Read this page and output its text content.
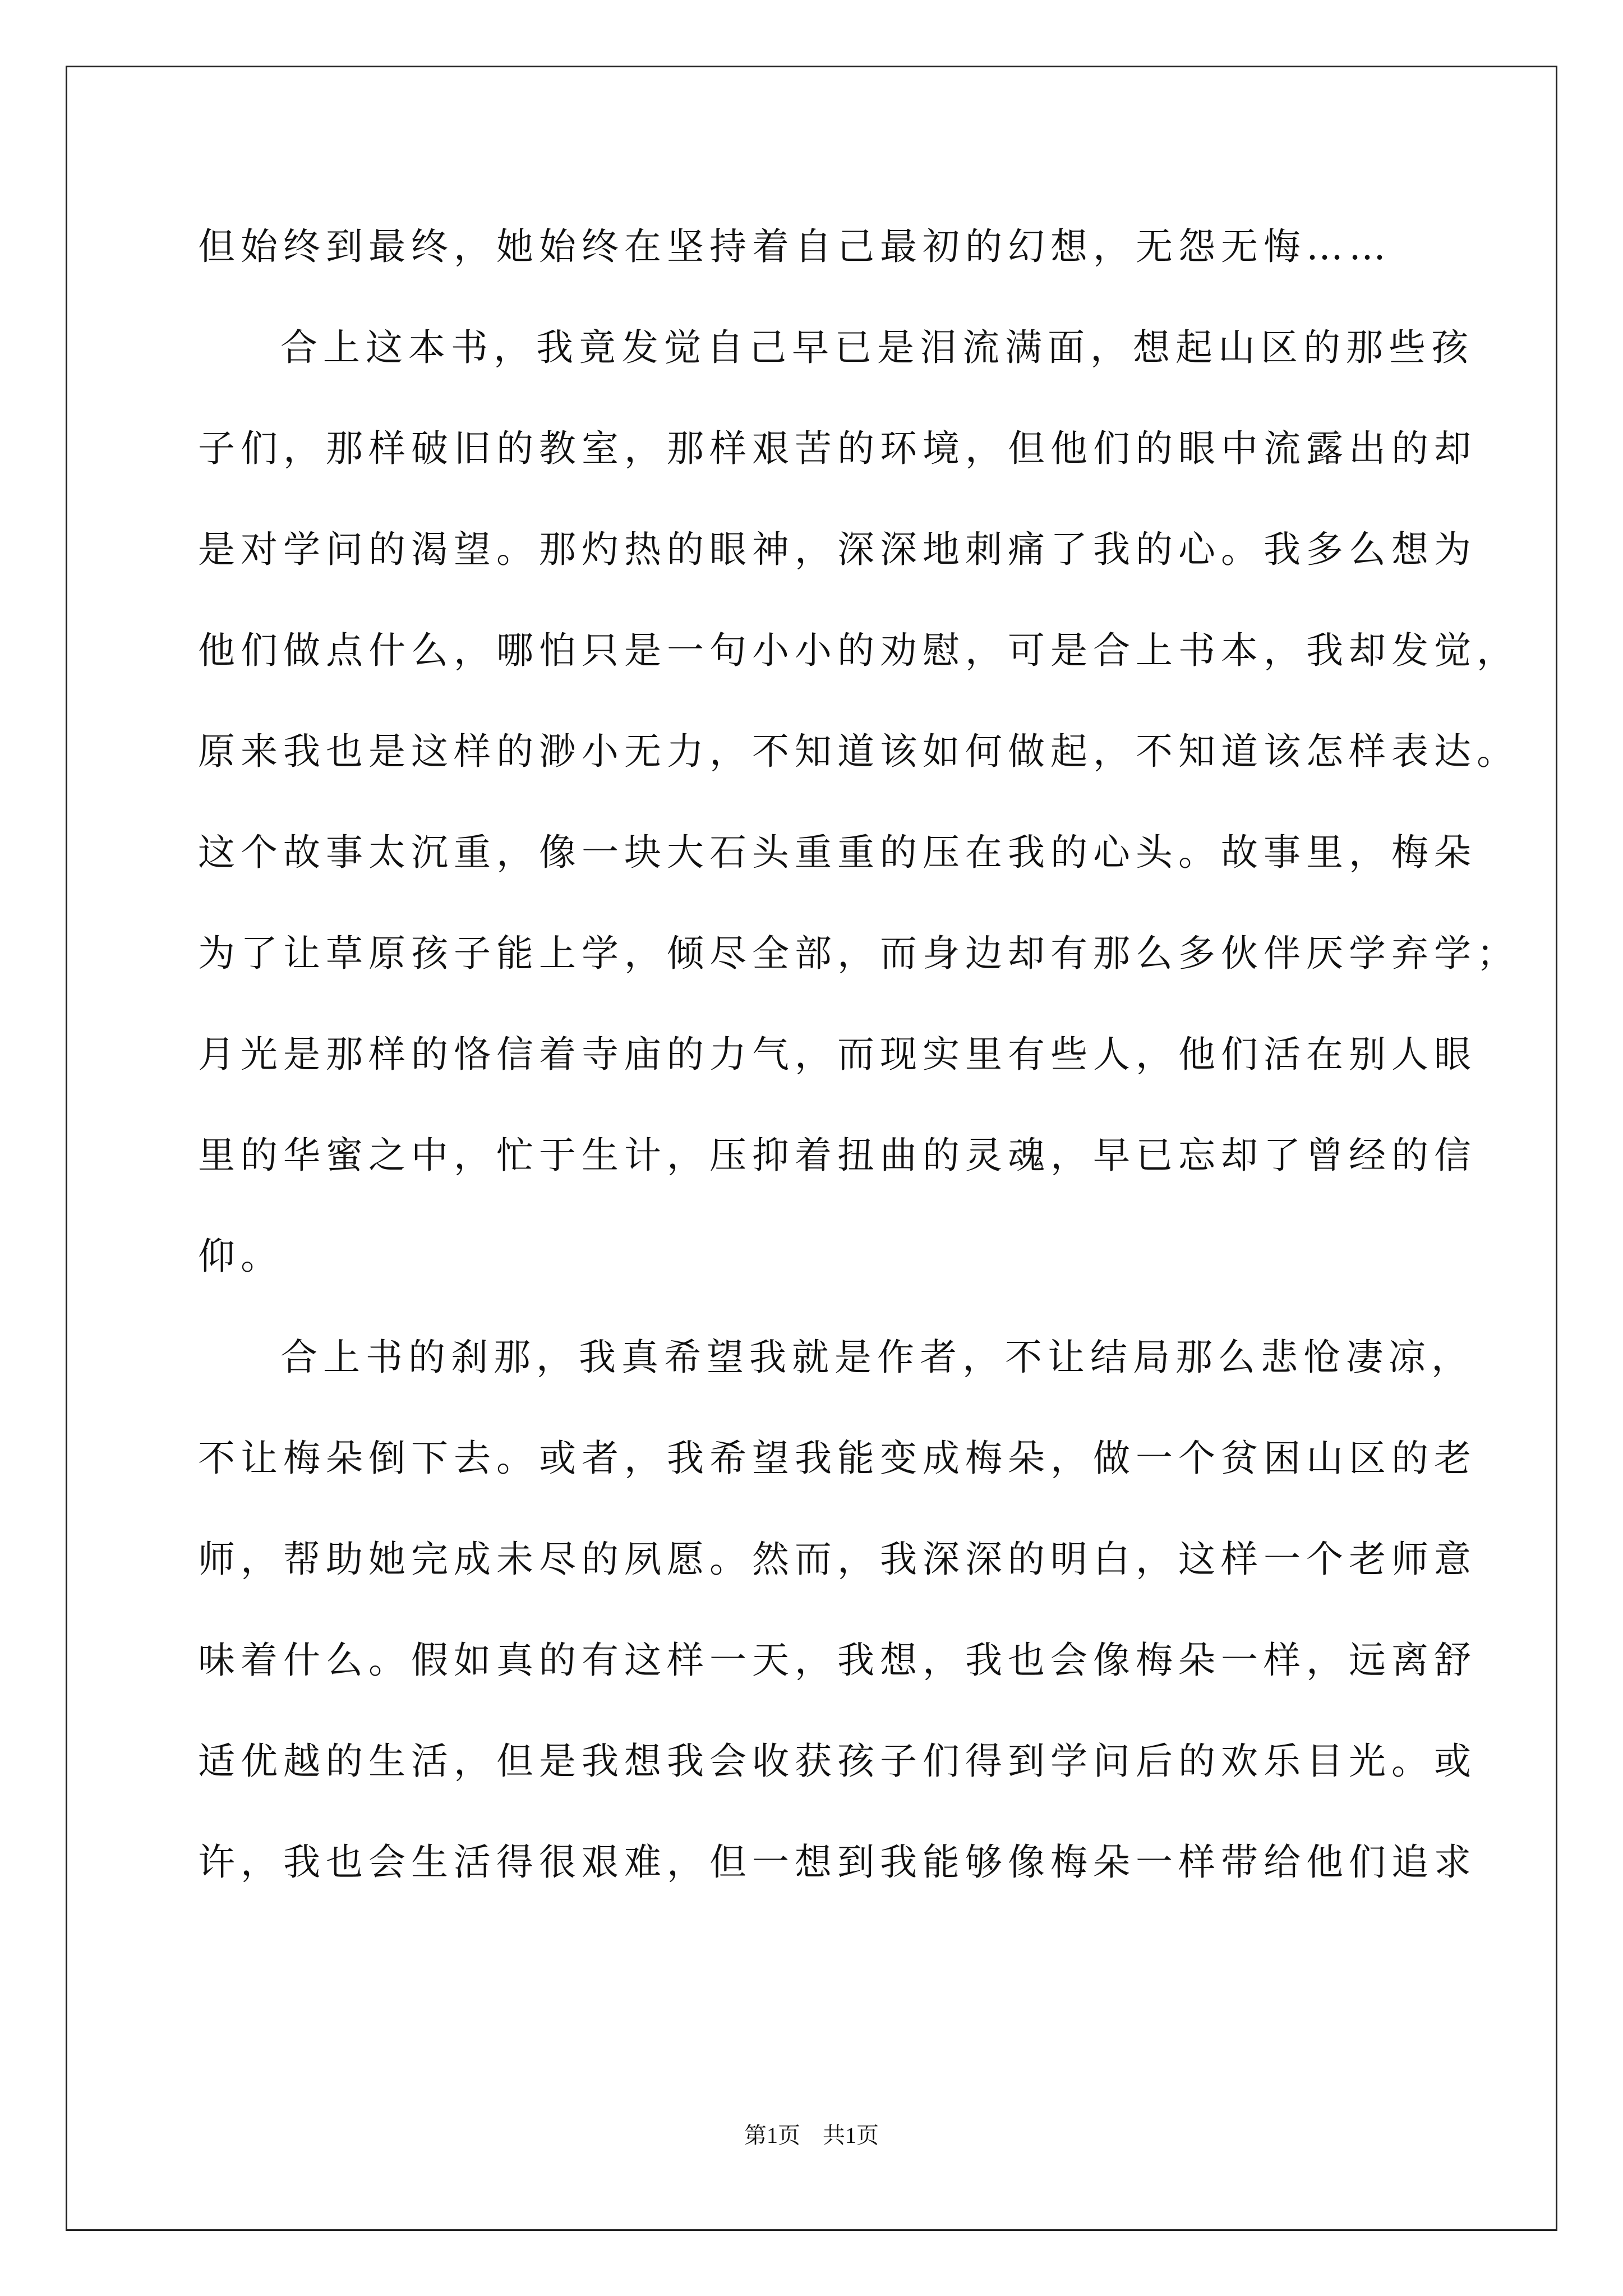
但始终到最终，她始终在坚持着自己最初的幻想，无怨无悔……
合上这本书，我竟发觉自己早已是泪流满面，想起山区的那些孩
子们，那样破旧的教室，那样艰苦的环境，但他们的眼中流露出的却
是对学问的渴望。那灼热的眼神，深深地刺痛了我的心。我多么想为
他们做点什么，哪怕只是一句小小的劝慰，可是合上书本，我却发觉，
原来我也是这样的渺小无力，不知道该如何做起，不知道该怎样表达。
这个故事太沉重，像一块大石头重重的压在我的心头。故事里，梅朵
为了让草原孩子能上学，倾尽全部，而身边却有那么多伙伴厌学弃学；
月光是那样的恪信着寺庙的力气，而现实里有些人，他们活在别人眼
里的华蜜之中，忙于生计，压抑着扭曲的灵魂，早已忘却了曾经的信
仰。
合上书的刹那，我真希望我就是作者，不让结局那么悲怆凄凉，
不让梅朵倒下去。或者，我希望我能变成梅朵，做一个贫困山区的老
师，帮助她完成未尽的夙愿。然而，我深深的明白，这样一个老师意
味着什么。假如真的有这样一天，我想，我也会像梅朵一样，远离舒
适优越的生活，但是我想我会收获孩子们得到学问后的欢乐目光。或
许，我也会生活得很艰难，但一想到我能够像梅朵一样带给他们追求
第1页　共1页
